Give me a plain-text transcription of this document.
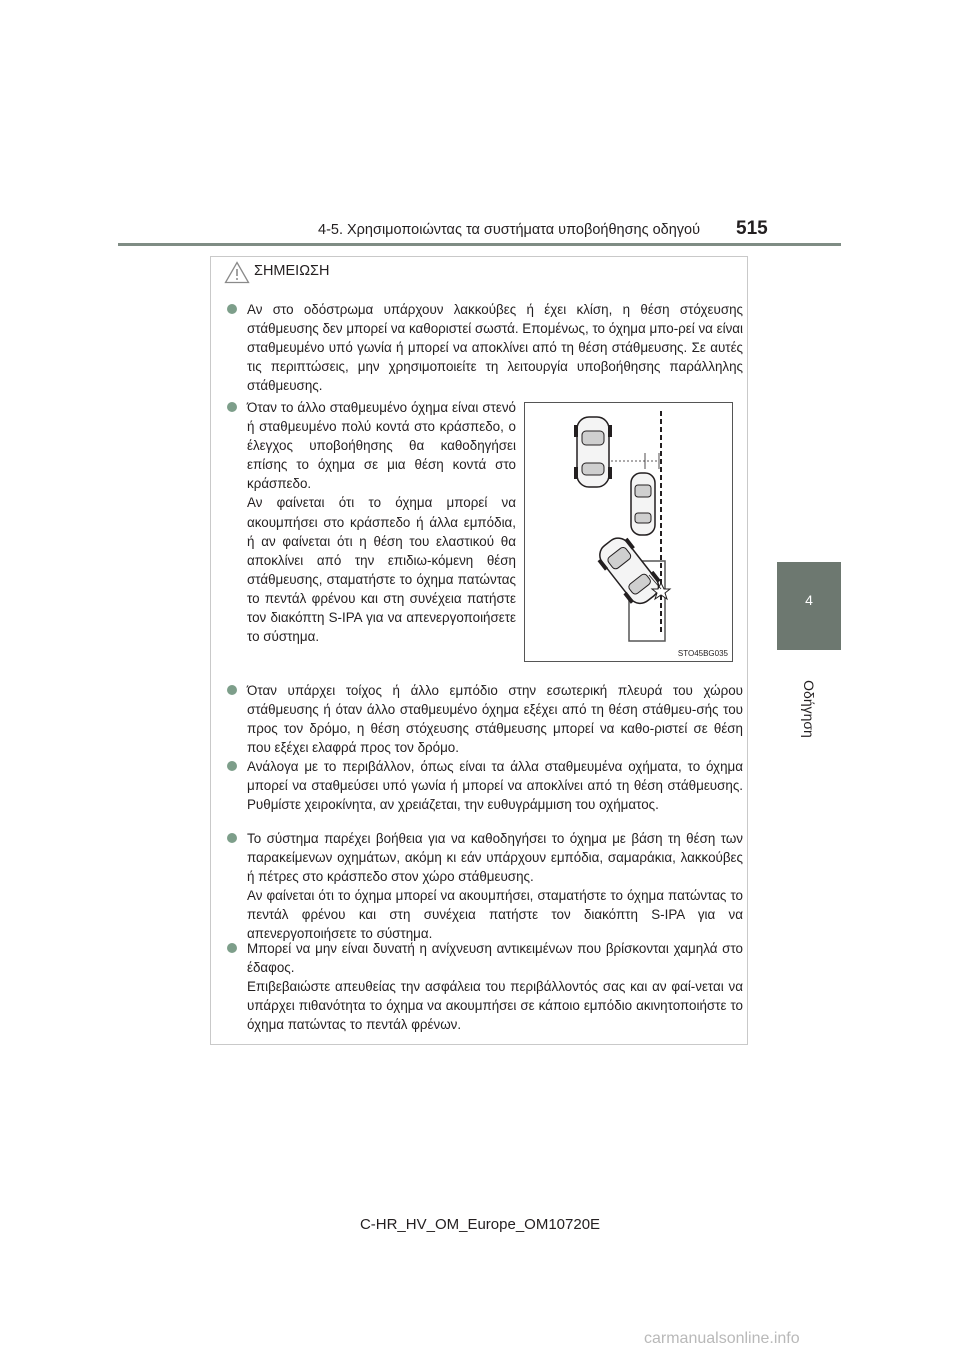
4-5. Χρησιμοποιώντας τα συστήματα υποβοήθησης οδηγού 515
4
Οδήγηση
ΣΗΜΕΙΩΣΗ

Αν στο οδόστρωμα υπάρχουν λακκούβες ή έχει κλίση, η θέση στόχευσης στάθμευσης δεν μπορεί να καθοριστεί σωστά. Επομένως, το όχημα μπο-ρεί να είναι σταθμευμένο υπό γωνία ή μπορεί να αποκλίνει από τη θέση στάθμευσης. Σε αυτές τις περιπτώσεις, μην χρησιμοποιείτε τη λειτουργία υποβοήθησης παράλληλης στάθμευσης.

Όταν το άλλο σταθμευμένο όχημα είναι στενό ή σταθμευμένο πολύ κοντά στο κράσπεδο, ο έλεγχος υποβοήθησης θα καθοδηγήσει επίσης το όχημα σε μια θέση κοντά στο κράσπεδο.

Αν φαίνεται ότι το όχημα μπορεί να ακουμπήσει στο κράσπεδο ή άλλα εμπόδια, ή αν φαίνεται ότι η θέση του ελαστικού θα αποκλίνει από την επιδιω-κόμενη θέση στάθμευσης, σταματήστε το όχημα πατώντας το πεντάλ φρένου και στη συνέχεια πατήστε τον διακόπτη S-IPA για να απενεργοποιήσετε το σύστημα.

STO45BG035

Όταν υπάρχει τοίχος ή άλλο εμπόδιο στην εσωτερική πλευρά του χώρου στάθμευσης ή όταν άλλο σταθμευμένο όχημα εξέχει από τη θέση στάθμευ-σής του προς τον δρόμο, η θέση στόχευσης στάθμευσης μπορεί να καθο-ριστεί σε θέση που εξέχει ελαφρά προς τον δρόμο.

Ανάλογα με το περιβάλλον, όπως είναι τα άλλα σταθμευμένα οχήματα, το όχημα μπορεί να σταθμεύσει υπό γωνία ή μπορεί να αποκλίνει από τη θέση στάθμευσης. Ρυθμίστε χειροκίνητα, αν χρειάζεται, την ευθυγράμμιση του οχήματος.

Το σύστημα παρέχει βοήθεια για να καθοδηγήσει το όχημα με βάση τη θέση των παρακείμενων οχημάτων, ακόμη κι εάν υπάρχουν εμπόδια, σαμαράκια, λακκούβες ή πέτρες στο κράσπεδο στον χώρο στάθμευσης.

Αν φαίνεται ότι το όχημα μπορεί να ακουμπήσει, σταματήστε το όχημα πατώντας το πεντάλ φρένου και στη συνέχεια πατήστε τον διακόπτη S-IPA για να απενεργοποιήσετε το σύστημα.

Μπορεί να μην είναι δυνατή η ανίχνευση αντικειμένων που βρίσκονται χαμηλά στο έδαφος.

Επιβεβαιώστε απευθείας την ασφάλεια του περιβάλλοντός σας και αν φαί-νεται να υπάρχει πιθανότητα το όχημα να ακουμπήσει σε κάποιο εμπόδιο ακινητοποιήστε το όχημα πατώντας το πεντάλ φρένων.

C-HR_HV_OM_Europe_OM10720E
carmanualsonline.info
